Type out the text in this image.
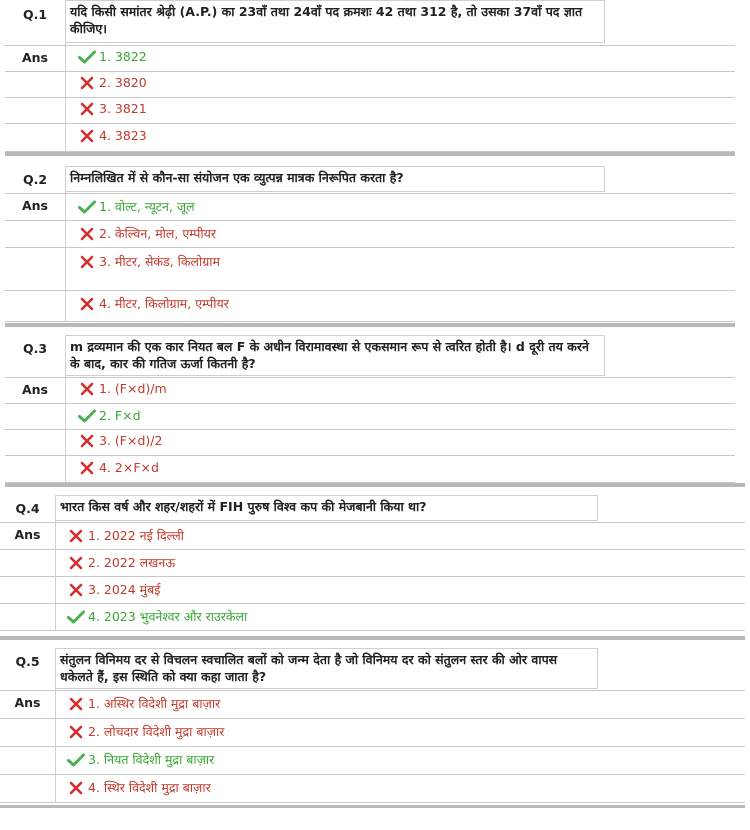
Q.1	यदि किसी समांतर श्रेढ़ी (A.P.) का 23वाँ तथा 24वाँ पद क्रमशः 42 तथा 312 है, तो उसका 37वाँ पद ज्ञात कीजिए।
Ans	1. 3822
2. 3820
3. 3821
4. 3823
Q.2	निम्नलिखित में से कौन-सा संयोजन एक व्युत्पन्न मात्रक निरूपित करता है?
Ans	1. वोल्ट, न्यूटन, जूल
2. केल्विन, मोल, एम्पीयर
3. मीटर, सेकंड, किलोग्राम
4. मीटर, किलोग्राम, एम्पीयर
Q.3	m द्रव्यमान की एक कार नियत बल F के अधीन विरामावस्था से एकसमान रूप से त्वरित होती है। d दूरी तय करने के बाद, कार की गतिज ऊर्जा कितनी है?
Ans	1. (F×d)/m
2. F×d
3. (F×d)/2
4. 2×F×d
Q.4	भारत किस वर्ष और शहर/शहरों में FIH पुरुष विश्व कप की मेजबानी किया था?
Ans	1. 2022 नई दिल्ली
2. 2022 लखनऊ
3. 2024 मुंबई
4. 2023 भुवनेश्वर और राउरकेला
Q.5	संतुलन विनिमय दर से विचलन स्वचालित बलों को जन्म देता है जो विनिमय दर को संतुलन स्तर की ओर वापस धकेलते हैं, इस स्थिति को क्या कहा जाता है?
Ans	1. अस्थिर विदेशी मुद्रा बाज़ार
2. लोचदार विदेशी मुद्रा बाज़ार
3. नियत विदेशी मुद्रा बाज़ार
4. स्थिर विदेशी मुद्रा बाज़ार
